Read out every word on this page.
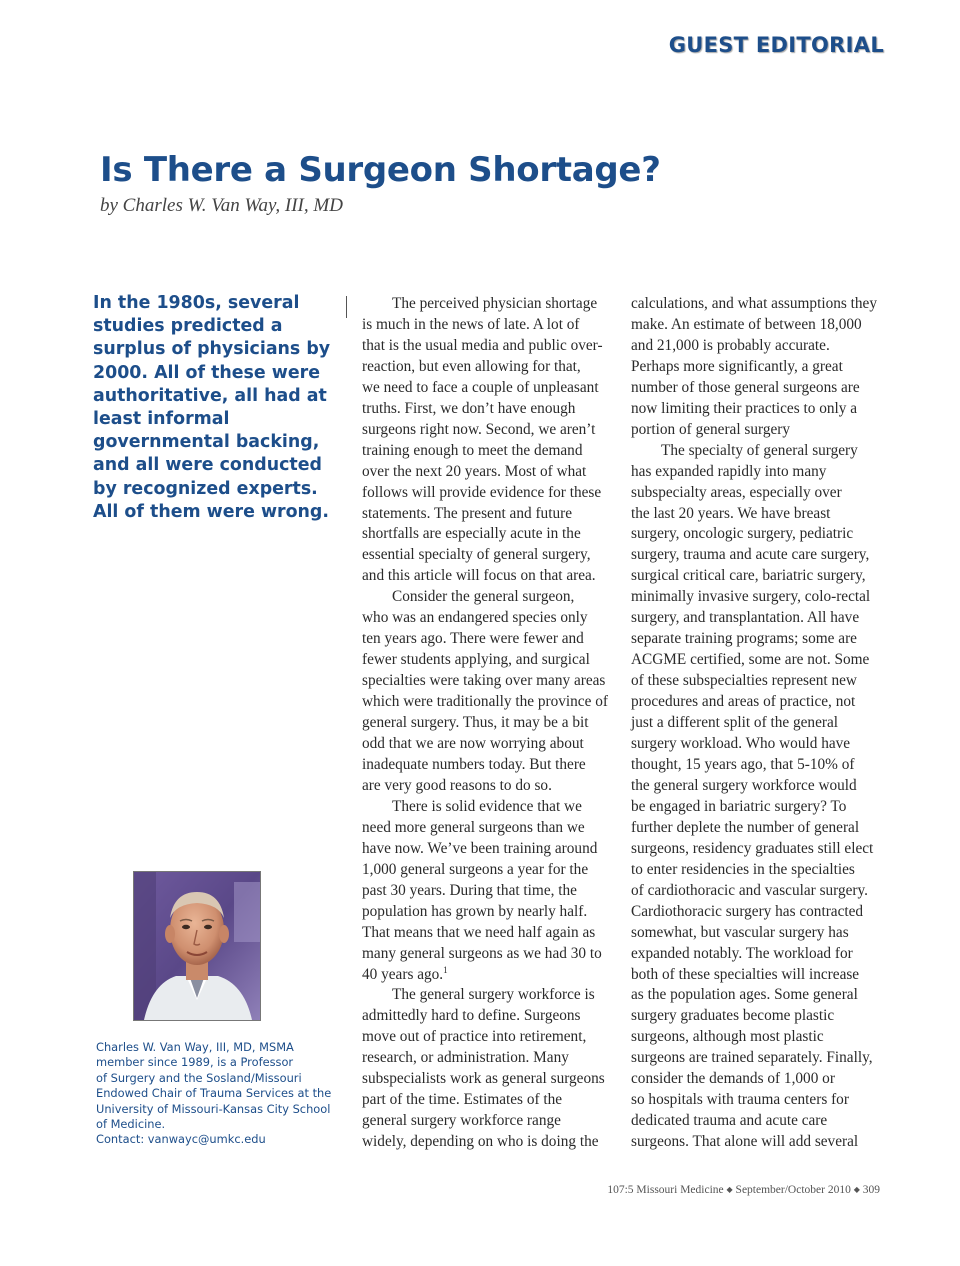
GUEST EDITORIAL
Is There a Surgeon Shortage?
by Charles W. Van Way, III, MD

In the 1980s, several studies predicted a surplus of physicians by 2000. All of these were authoritative, all had at least informal governmental backing, and all were conducted by recognized experts. All of them were wrong.

The perceived physician shortage
is much in the news of late. A lot of
that is the usual media and public over-
reaction, but even allowing for that,
we need to face a couple of unpleasant
truths. First, we don’t have enough
surgeons right now. Second, we aren’t
training enough to meet the demand
over the next 20 years. Most of what
follows will provide evidence for these
statements. The present and future
shortfalls are especially acute in the
essential specialty of general surgery,
and this article will focus on that area.
Consider the general surgeon,
who was an endangered species only
ten years ago. There were fewer and
fewer students applying, and surgical
specialties were taking over many areas
which were traditionally the province of
general surgery. Thus, it may be a bit
odd that we are now worrying about
inadequate numbers today. But there
are very good reasons to do so.
There is solid evidence that we
need more general surgeons than we
have now. We’ve been training around
1,000 general surgeons a year for the
past 30 years. During that time, the
population has grown by nearly half.
That means that we need half again as
many general surgeons as we had 30 to
40 years ago.$^1$
The general surgery workforce is
admittedly hard to define. Surgeons
move out of practice into retirement,
research, or administration. Many
subspecialists work as general surgeons
part of the time. Estimates of the
general surgery workforce range
widely, depending on who is doing the
calculations, and what assumptions they
make. An estimate of between 18,000
and 21,000 is probably accurate.
Perhaps more significantly, a great
number of those general surgeons are
now limiting their practices to only a
portion of general surgery
The specialty of general surgery
has expanded rapidly into many
subspecialty areas, especially over
the last 20 years. We have breast
surgery, oncologic surgery, pediatric
surgery, trauma and acute care surgery,
surgical critical care, bariatric surgery,
minimally invasive surgery, colo-rectal
surgery, and transplantation. All have
separate training programs; some are
ACGME certified, some are not. Some
of these subspecialties represent new
procedures and areas of practice, not
just a different split of the general
surgery workload. Who would have
thought, 15 years ago, that 5-10% of
the general surgery workforce would
be engaged in bariatric surgery? To
further deplete the number of general
surgeons, residency graduates still elect
to enter residencies in the specialties
of cardiothoracic and vascular surgery.
Cardiothoracic surgery has contracted
somewhat, but vascular surgery has
expanded notably. The workload for
both of these specialties will increase
as the population ages. Some general
surgery graduates become plastic
surgeons, although most plastic
surgeons are trained separately. Finally,
consider the demands of 1,000 or
so hospitals with trauma centers for
dedicated trauma and acute care
surgeons. That alone will add several
Charles W. Van Way, III, MD, MSMA
member since 1989, is a Professor
of Surgery and the Sosland/Missouri
Endowed Chair of Trauma Services at the
University of Missouri-Kansas City School
of Medicine.
Contact: vanwayc@umkc.edu
107:5 Missouri Medicine ◆ September/October 2010 ◆ 309
